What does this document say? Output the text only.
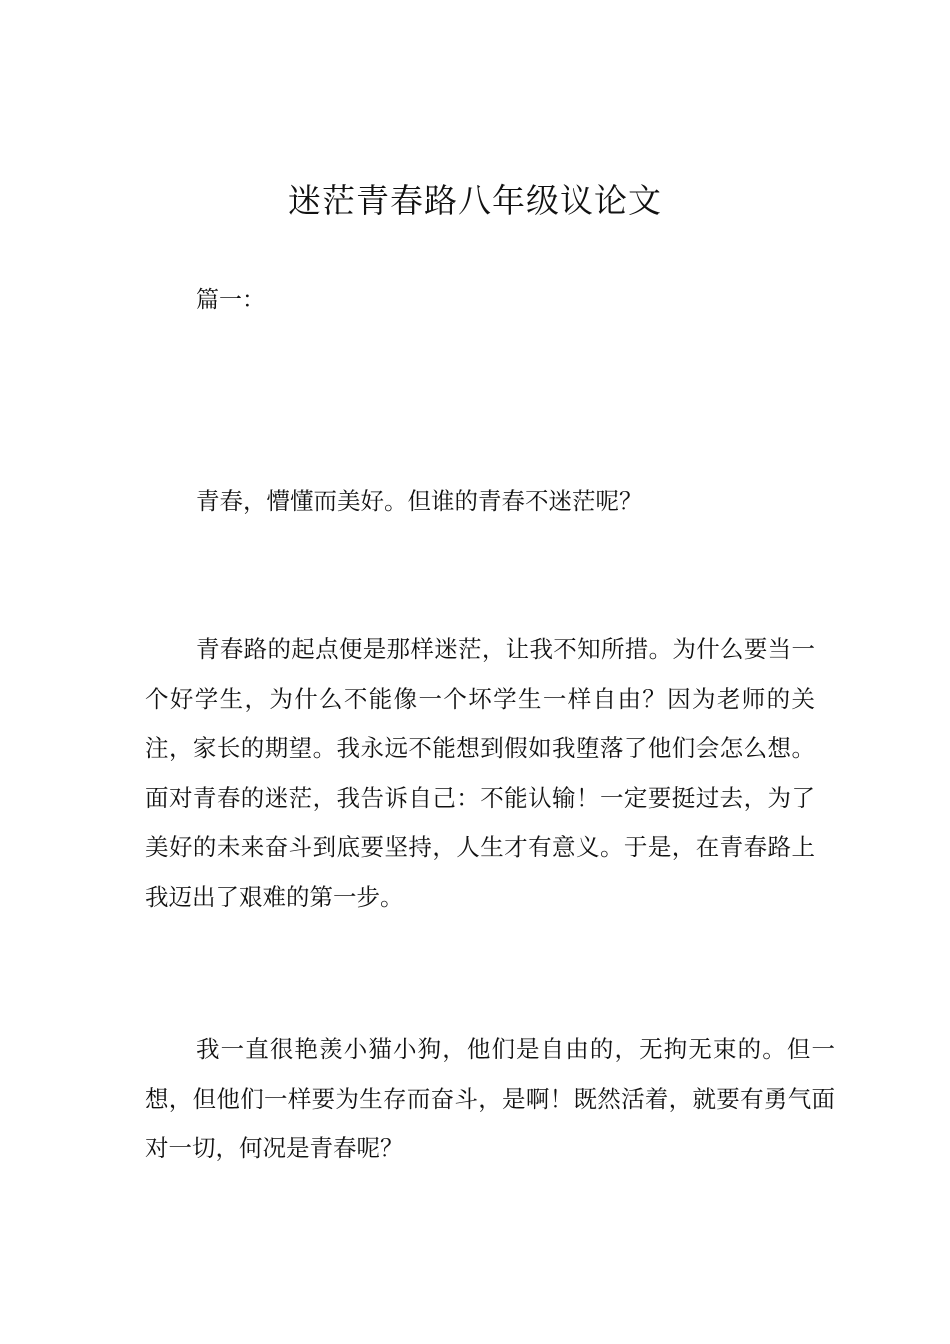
迷茫青春路八年级议论文

篇一：

青春，懵懂而美好。但谁的青春不迷茫呢？

青春路的起点便是那样迷茫，让我不知所措。为什么要当一个好学生，为什么不能像一个坏学生一样自由？因为老师的关注，家长的期望。我永远不能想到假如我堕落了他们会怎么想。面对青春的迷茫，我告诉自己：不能认输！一定要挺过去，为了美好的未来奋斗到底要坚持，人生才有意义。于是，在青春路上我迈出了艰难的第一步。

我一直很艳羡小猫小狗，他们是自由的，无拘无束的。但一想，但他们一样要为生存而奋斗，是啊！既然活着，就要有勇气面对一切，何况是青春呢？
